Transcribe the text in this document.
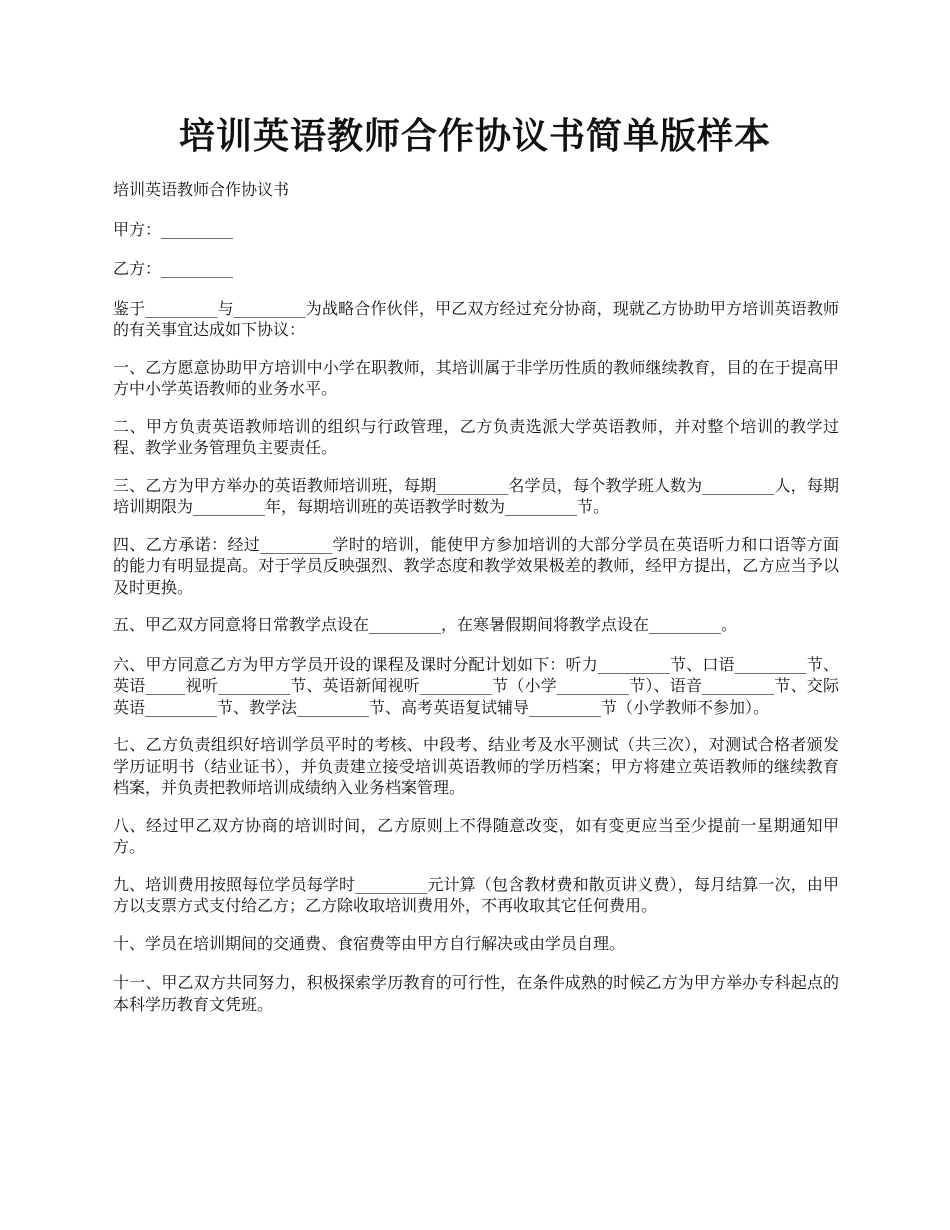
培训英语教师合作协议书简单版样本

培训英语教师合作协议书

甲方：_________

乙方：_________

鉴于_________与_________为战略合作伙伴，甲乙双方经过充分协商，现就乙方协助甲方培训英语教师的有关事宜达成如下协议：

一、乙方愿意协助甲方培训中小学在职教师，其培训属于非学历性质的教师继续教育，目的在于提高甲方中小学英语教师的业务水平。

二、甲方负责英语教师培训的组织与行政管理，乙方负责选派大学英语教师，并对整个培训的教学过程、教学业务管理负主要责任。

三、乙方为甲方举办的英语教师培训班，每期_________名学员，每个教学班人数为_________人，每期培训期限为_________年，每期培训班的英语教学时数为_________节。

四、乙方承诺：经过_________学时的培训，能使甲方参加培训的大部分学员在英语听力和口语等方面的能力有明显提高。对于学员反映强烈、教学态度和教学效果极差的教师，经甲方提出，乙方应当予以及时更换。

五、甲乙双方同意将日常教学点设在_________，在寒暑假期间将教学点设在_________。

六、甲方同意乙方为甲方学员开设的课程及课时分配计划如下：听力_________节、口语_________节、英语_____视听_________节、英语新闻视听_________节（小学_________节）、语音_________节、交际英语_________节、教学法_________节、高考英语复试辅导_________节（小学教师不参加）。

七、乙方负责组织好培训学员平时的考核、中段考、结业考及水平测试（共三次），对测试合格者颁发学历证明书（结业证书），并负责建立接受培训英语教师的学历档案；甲方将建立英语教师的继续教育档案，并负责把教师培训成绩纳入业务档案管理。

八、经过甲乙双方协商的培训时间，乙方原则上不得随意改变，如有变更应当至少提前一星期通知甲方。

九、培训费用按照每位学员每学时_________元计算（包含教材费和散页讲义费），每月结算一次，由甲方以支票方式支付给乙方；乙方除收取培训费用外，不再收取其它任何费用。

十、学员在培训期间的交通费、食宿费等由甲方自行解决或由学员自理。

十一、甲乙双方共同努力，积极探索学历教育的可行性，在条件成熟的时候乙方为甲方举办专科起点的本科学历教育文凭班。
